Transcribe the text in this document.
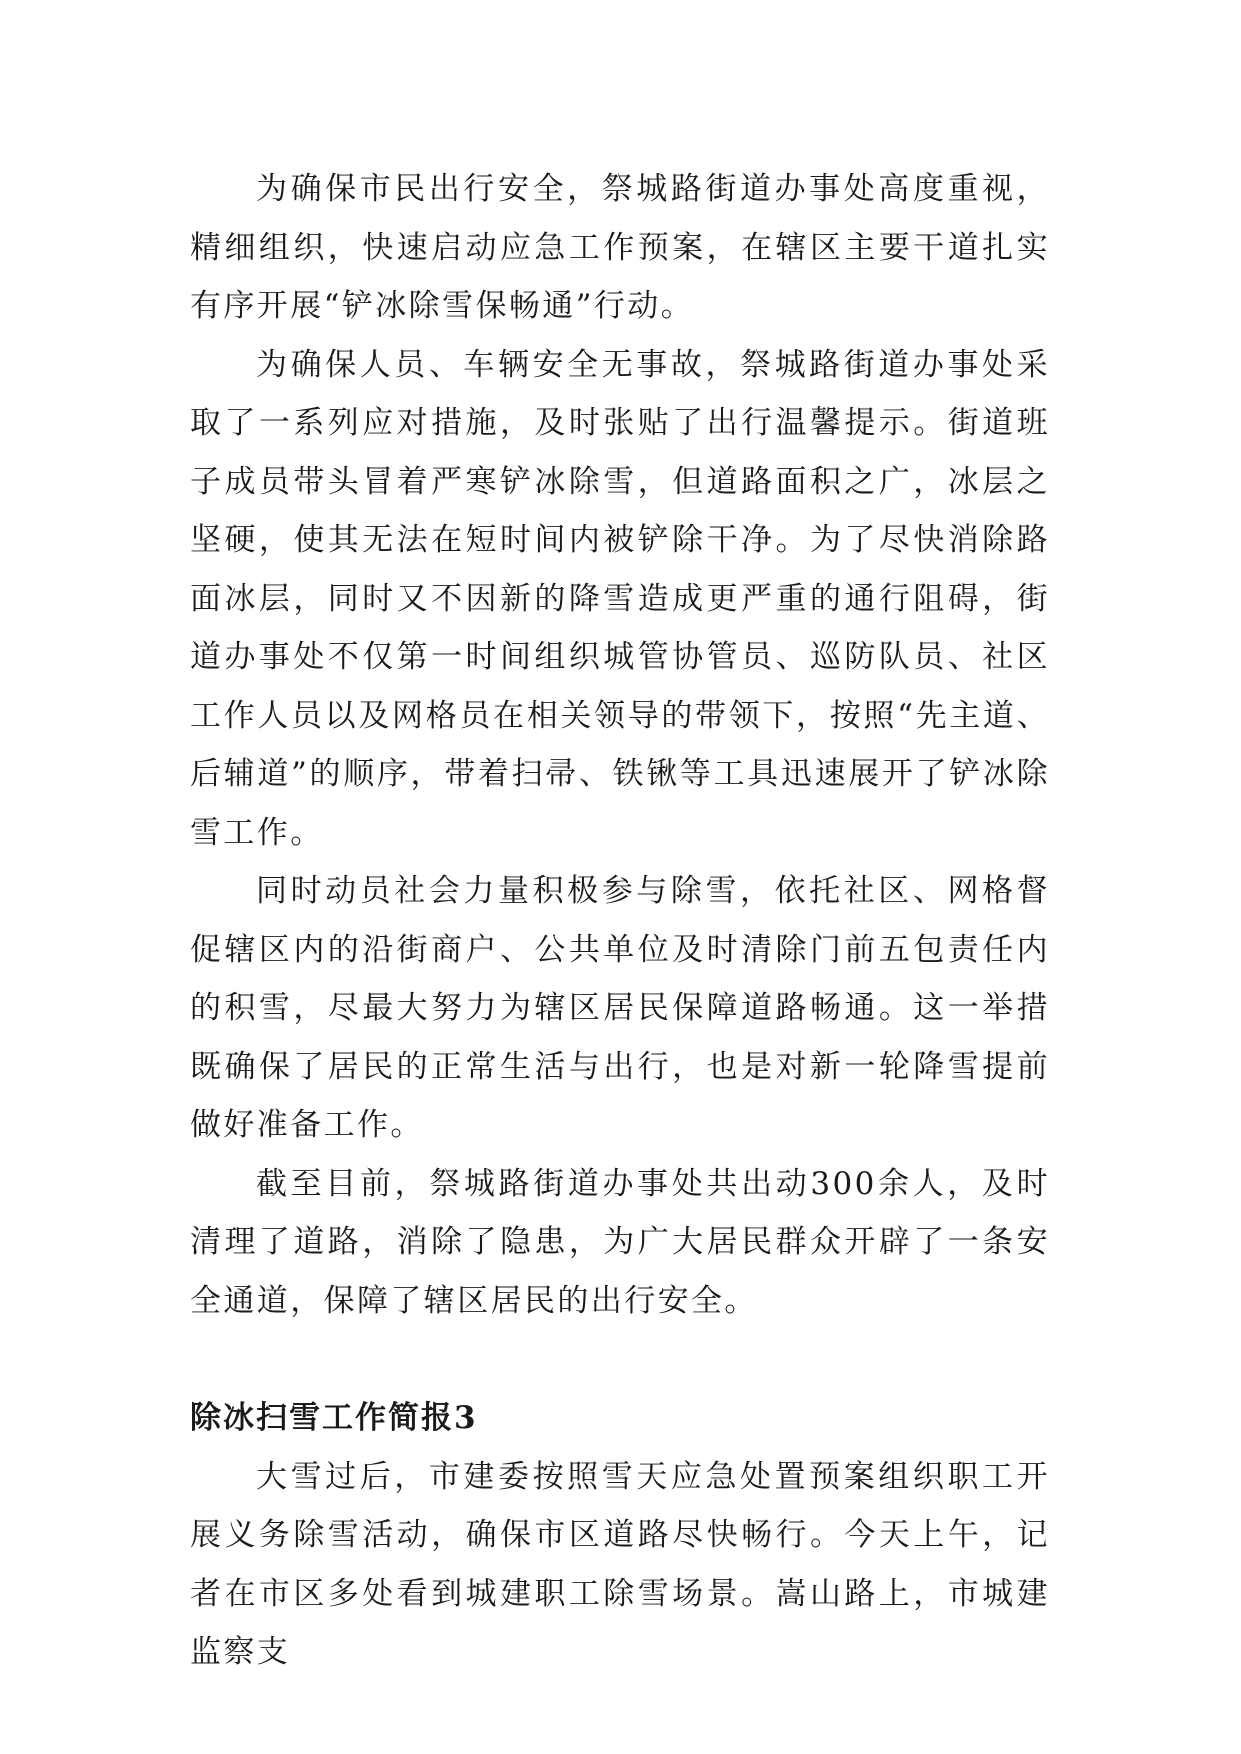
为确保市民出行安全，祭城路街道办事处高度重视，精细组织，快速启动应急工作预案，在辖区主要干道扎实有序开展“铲冰除雪保畅通”行动。

为确保人员、车辆安全无事故，祭城路街道办事处采取了一系列应对措施，及时张贴了出行温馨提示。街道班子成员带头冒着严寒铲冰除雪，但道路面积之广，冰层之坚硬，使其无法在短时间内被铲除干净。为了尽快消除路面冰层，同时又不因新的降雪造成更严重的通行阻碍，街道办事处不仅第一时间组织城管协管员、巡防队员、社区工作人员以及网格员在相关领导的带领下，按照“先主道、后辅道”的顺序，带着扫帚、铁锹等工具迅速展开了铲冰除雪工作。

同时动员社会力量积极参与除雪，依托社区、网格督促辖区内的沿街商户、公共单位及时清除门前五包责任内的积雪，尽最大努力为辖区居民保障道路畅通。这一举措既确保了居民的正常生活与出行，也是对新一轮降雪提前做好准备工作。

截至目前，祭城路街道办事处共出动300余人，及时清理了道路，消除了隐患，为广大居民群众开辟了一条安全通道，保障了辖区居民的出行安全。

除冰扫雪工作简报3

大雪过后，市建委按照雪天应急处置预案组织职工开展义务除雪活动，确保市区道路尽快畅行。今天上午，记者在市区多处看到城建职工除雪场景。嵩山路上，市城建监察支
